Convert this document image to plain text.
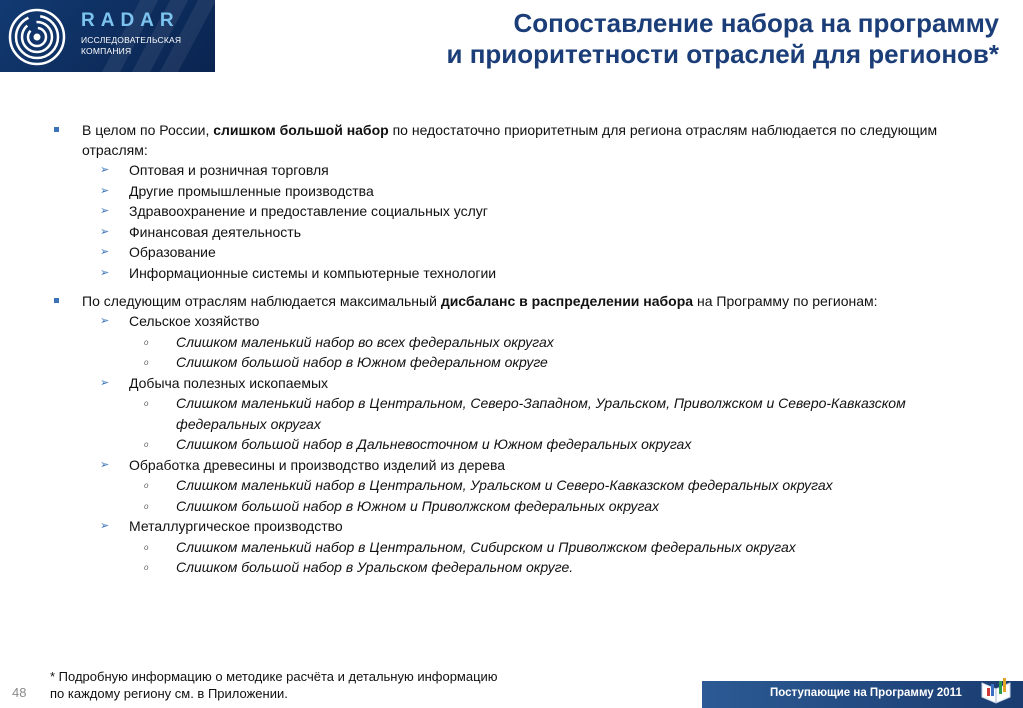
RADAR
ИССЛЕДОВАТЕЛЬСКАЯ
КОМПАНИЯ
Сопоставление набора на программу
и приоритетности отраслей для регионов*
В целом по России, слишком большой набор по недостаточно приоритетным для региона отраслям наблюдается по следующим отраслям:
➢ Оптовая и розничная торговля
➢ Другие промышленные производства
➢ Здравоохранение и предоставление социальных услуг
➢ Финансовая деятельность
➢ Образование
➢ Информационные системы и компьютерные технологии
По следующим отраслям наблюдается максимальный дисбаланс в распределении набора на Программу по регионам:
➢ Сельское хозяйство
o Слишком маленький набор во всех федеральных округах
o Слишком большой набор в Южном федеральном округе
➢ Добыча полезных ископаемых
o Слишком маленький набор в Центральном, Северо-Западном, Уральском, Приволжском и Северо-Кавказском федеральных округах
o Слишком большой набор в Дальневосточном и Южном федеральных округах
➢ Обработка древесины и производство изделий из дерева
o Слишком маленький набор в Центральном, Уральском и Северо-Кавказском федеральных округах
o Слишком большой набор в Южном и Приволжском федеральных округах
➢ Металлургическое производство
o Слишком маленький набор в Центральном, Сибирском и Приволжском федеральных округах
o Слишком большой набор в Уральском федеральном округе.
* Подробную информацию о методике расчёта и детальную информацию
по каждому региону см. в Приложении.
48	Поступающие на Программу 2011
